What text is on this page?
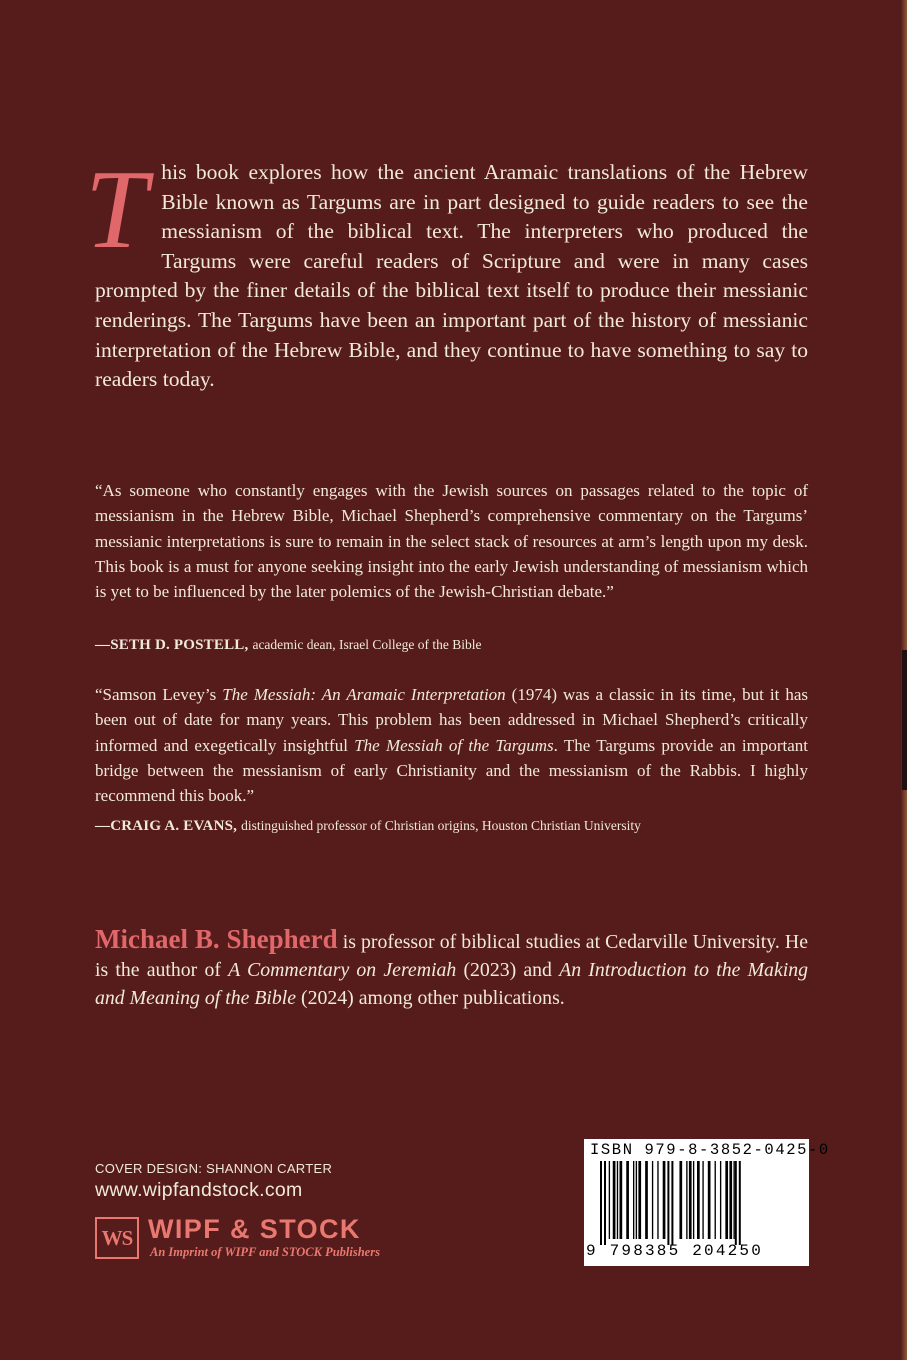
This book explores how the ancient Aramaic translations of the Hebrew Bible known as Targums are in part designed to guide readers to see the messianism of the biblical text. The interpreters who produced the Targums were careful readers of Scripture and were in many cases prompted by the finer details of the biblical text itself to produce their messianic renderings. The Targums have been an important part of the history of messianic interpretation of the Hebrew Bible, and they continue to have something to say to readers today.

“As someone who constantly engages with the Jewish sources on passages related to the topic of messianism in the Hebrew Bible, Michael Shepherd’s comprehensive commentary on the Targums’ messianic interpretations is sure to remain in the select stack of resources at arm’s length upon my desk. This book is a must for anyone seeking insight into the early Jewish understanding of messianism which is yet to be influenced by the later polemics of the Jewish-Christian debate.”

—SETH D. POSTELL, academic dean, Israel College of the Bible

“Samson Levey’s The Messiah: An Aramaic Interpretation (1974) was a classic in its time, but it has been out of date for many years. This problem has been addressed in Michael Shepherd’s critically informed and exegetically insightful The Messiah of the Targums. The Targums provide an important bridge between the messianism of early Christianity and the messianism of the Rabbis. I highly recommend this book.”

—CRAIG A. EVANS, distinguished professor of Christian origins, Houston Christian University

Michael B. Shepherd is professor of biblical studies at Cedarville University. He is the author of A Commentary on Jeremiah (2023) and An Introduction to the Making and Meaning of the Bible (2024) among other publications.

COVER DESIGN: SHANNON CARTER
www.wipfandstock.com
WS WIPF & STOCK
An Imprint of WIPF and STOCK Publishers
ISBN 979-8-3852-0425-0
9 798385 204250
